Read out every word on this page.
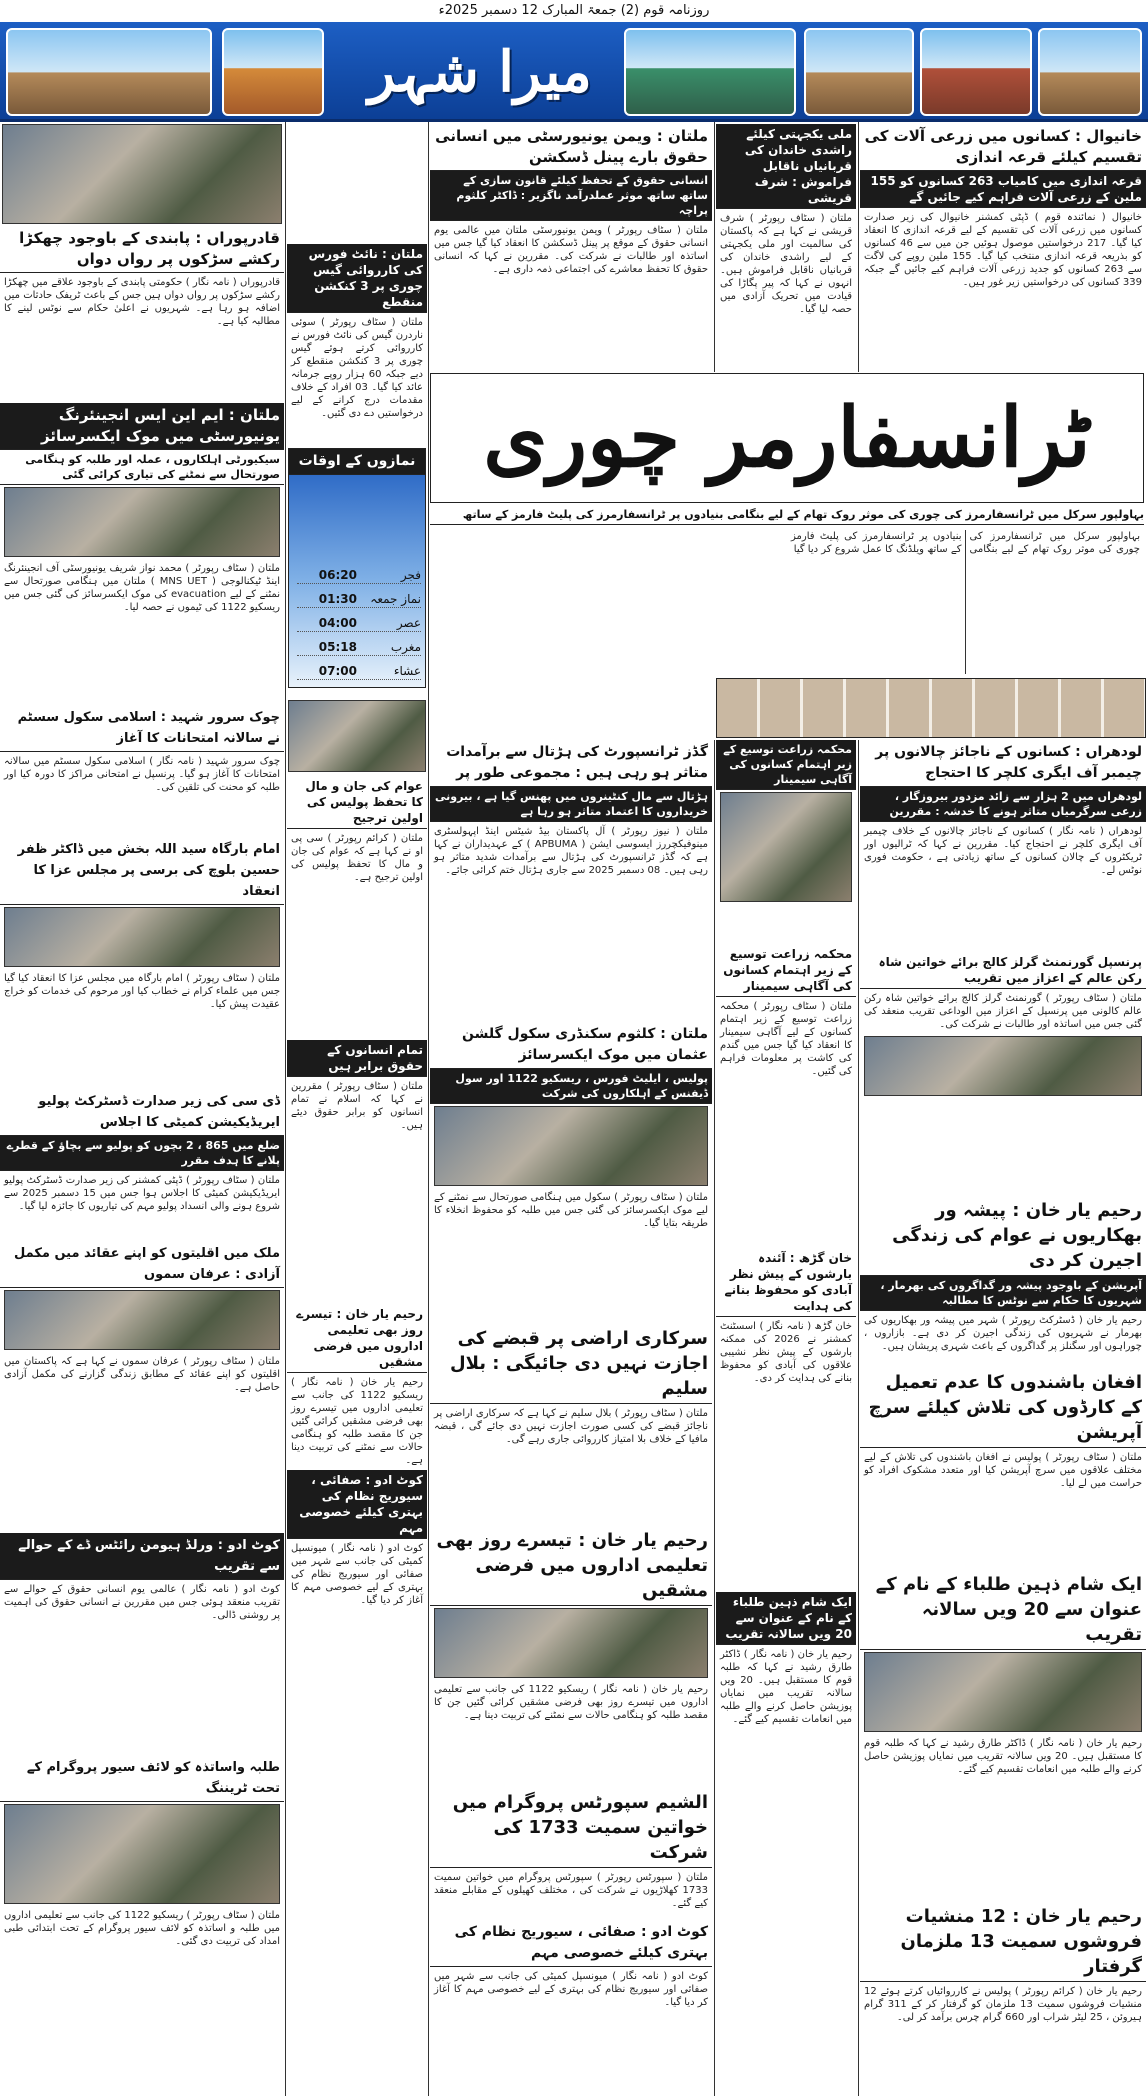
روزنامہ قوم (2) جمعۃ المبارک 12 دسمبر 2025ء
میرا شہر
خانیوال : کسانوں میں زرعی آلات کی تقسیم کیلئے قرعہ اندازی
قرعہ اندازی میں کامیاب 263 کسانوں کو 155 ملین کے زرعی آلات فراہم کیے جائیں گے
خانیوال ( نمائندہ قوم ) ڈپٹی کمشنر خانیوال کی زیر صدارت کسانوں میں زرعی آلات کی تقسیم کے لیے قرعہ اندازی کا انعقاد کیا گیا۔ 217 درخواستیں موصول ہوئیں جن میں سے 46 کسانوں کو بذریعہ قرعہ اندازی منتخب کیا گیا۔ 155 ملین روپے کی لاگت سے 263 کسانوں کو جدید زرعی آلات فراہم کیے جائیں گے جبکہ 339 کسانوں کی درخواستیں زیر غور ہیں۔
ملی یکجہتی کیلئے راشدی خاندان کی قربانیاں ناقابل فراموش : شرف قریشی
ملتان ( سٹاف رپورٹر ) شرف قریشی نے کہا ہے کہ پاکستان کی سالمیت اور ملی یکجہتی کے لیے راشدی خاندان کی قربانیاں ناقابل فراموش ہیں۔ انہوں نے کہا کہ پیر پگاڑا کی قیادت میں تحریک آزادی میں حصہ لیا گیا۔
ملتان : ویمن یونیورسٹی میں انسانی حقوق بارے پینل ڈسکشن
انسانی حقوق کے تحفظ کیلئے قانون سازی کے ساتھ ساتھ موثر عملدرآمد ناگزیر : ڈاکٹر کلثوم پراچہ
ملتان ( سٹاف رپورٹر ) ویمن یونیورسٹی ملتان میں عالمی یوم انسانی حقوق کے موقع پر پینل ڈسکشن کا انعقاد کیا گیا جس میں اساتذہ اور طالبات نے شرکت کی۔ مقررین نے کہا کہ انسانی حقوق کا تحفظ معاشرے کی اجتماعی ذمہ داری ہے۔
ٹرانسفارمر چوری
بہاولپور سرکل میں ٹرانسفارمرز کی چوری کی موثر روک تھام کے لیے بنگامی بنیادوں پر ٹرانسفارمرز کی پلیٹ فارمز کے ساتھ
بہاولپور سرکل میں ٹرانسفارمرز کی چوری کی موثر روک تھام کے لیے بنگامی بنیادوں پر ٹرانسفارمرز کی پلیٹ فارمز کے ساتھ ویلڈنگ کا عمل شروع کر دیا گیا
قادرپوراں : پابندی کے باوجود چھکڑا رکشے سڑکوں پر رواں دواں
قادرپوراں ( نامہ نگار ) حکومتی پابندی کے باوجود علاقے میں چھکڑا رکشے سڑکوں پر رواں دواں ہیں جس کے باعث ٹریفک حادثات میں اضافہ ہو رہا ہے۔ شہریوں نے اعلیٰ حکام سے نوٹس لینے کا مطالبہ کیا ہے۔
ملتان : ایم این ایس انجینئرنگ یونیورسٹی میں موک ایکسرسائز
سیکیورٹی اہلکاروں ، عملہ اور طلبہ کو ہنگامی صورتحال سے نمٹنے کی تیاری کرائی گئی
ملتان ( سٹاف رپورٹر ) محمد نواز شریف یونیورسٹی آف انجینئرنگ اینڈ ٹیکنالوجی ( MNS UET ) ملتان میں ہنگامی صورتحال سے نمٹنے کے لیے evacuation کی موک ایکسرسائز کی گئی جس میں ریسکیو 1122 کی ٹیموں نے حصہ لیا۔
چوک سرور شہید : اسلامی سکول سسٹم نے سالانہ امتحانات کا آغاز
چوک سرور شہید ( نامہ نگار ) اسلامی سکول سسٹم میں سالانہ امتحانات کا آغاز ہو گیا۔ پرنسپل نے امتحانی مراکز کا دورہ کیا اور طلبہ کو محنت کی تلقین کی۔
امام بارگاہ سید اللہ بخش میں ڈاکٹر ظفر حسین بلوچ کی برسی پر مجلس عزا کا انعقاد
ملتان ( سٹاف رپورٹر ) امام بارگاہ میں مجلس عزا کا انعقاد کیا گیا جس میں علماء کرام نے خطاب کیا اور مرحوم کی خدمات کو خراج عقیدت پیش کیا۔
ڈی سی کی زیر صدارت ڈسٹرکٹ پولیو ایریڈیکیشن کمیٹی کا اجلاس
ضلع میں 865 ، 2 بچوں کو پولیو سے بچاؤ کے قطرے پلانے کا ہدف مقرر
ملتان ( سٹاف رپورٹر ) ڈپٹی کمشنر کی زیر صدارت ڈسٹرکٹ پولیو ایریڈیکیشن کمیٹی کا اجلاس ہوا جس میں 15 دسمبر 2025 سے شروع ہونے والی انسداد پولیو مہم کی تیاریوں کا جائزہ لیا گیا۔
ملک میں اقلیتوں کو اپنے عقائد میں مکمل آزادی : عرفان سموں
ملتان ( سٹاف رپورٹر ) عرفان سموں نے کہا ہے کہ پاکستان میں اقلیتوں کو اپنے عقائد کے مطابق زندگی گزارنے کی مکمل آزادی حاصل ہے۔
کوٹ ادو : ورلڈ ہیومن رائٹس ڈے کے حوالے سے تقریب
کوٹ ادو ( نامہ نگار ) عالمی یوم انسانی حقوق کے حوالے سے تقریب منعقد ہوئی جس میں مقررین نے انسانی حقوق کی اہمیت پر روشنی ڈالی۔
طلبہ واساتذہ کو لائف سیور پروگرام کے تحت ٹریننگ
ملتان ( سٹاف رپورٹر ) ریسکیو 1122 کی جانب سے تعلیمی اداروں میں طلبہ و اساتذہ کو لائف سیور پروگرام کے تحت ابتدائی طبی امداد کی تربیت دی گئی۔
ملتان : نائٹ فورس کی کارروائی گیس چوری پر 3 کنکشن منقطع
ملتان ( سٹاف رپورٹر ) سوئی ناردرن گیس کی نائٹ فورس نے کارروائی کرتے ہوئے گیس چوری پر 3 کنکشن منقطع کر دیے جبکہ 60 ہزار روپے جرمانہ عائد کیا گیا۔ 03 افراد کے خلاف مقدمات درج کرانے کے لیے درخواستیں دے دی گئیں۔
نمازوں کے اوقات
فجر
06:20
نماز جمعہ
01:30
عصر
04:00
مغرب
05:18
عشاء
07:00
عوام کی جان و مال کا تحفظ پولیس کی اولین ترجیح
ملتان ( کرائم رپورٹر ) سی پی او نے کہا ہے کہ عوام کی جان و مال کا تحفظ پولیس کی اولین ترجیح ہے۔
تمام انسانوں کے حقوق برابر ہیں
ملتان ( سٹاف رپورٹر ) مقررین نے کہا کہ اسلام نے تمام انسانوں کو برابر حقوق دیئے ہیں۔
رحیم یار خان : تیسرے روز بھی تعلیمی اداروں میں فرضی مشقیں
رحیم یار خان ( نامہ نگار ) ریسکیو 1122 کی جانب سے تعلیمی اداروں میں تیسرے روز بھی فرضی مشقیں کرائی گئیں جن کا مقصد طلبہ کو ہنگامی حالات سے نمٹنے کی تربیت دینا ہے۔
کوٹ ادو : صفائی ، سیوریج نظام کی بہتری کیلئے خصوصی مہم
کوٹ ادو ( نامہ نگار ) میونسپل کمیٹی کی جانب سے شہر میں صفائی اور سیوریج نظام کی بہتری کے لیے خصوصی مہم کا آغاز کر دیا گیا۔
گڈز ٹرانسپورٹ کی ہڑتال سے برآمدات متاثر ہو رہی ہیں : مجموعی طور پر
ہڑتال سے مال کنٹینروں میں پھنس گیا ہے ، بیرونی خریداروں کا اعتماد متاثر ہو رہا ہے
ملتان ( نیوز رپورٹر ) آل پاکستان بیڈ شیٹس اینڈ اپہولسٹری مینوفیکچررز ایسوسی ایشن ( APBUMA ) کے عہدیداران نے کہا ہے کہ گڈز ٹرانسپورٹ کی ہڑتال سے برآمدات شدید متاثر ہو رہی ہیں۔ 08 دسمبر 2025 سے جاری ہڑتال ختم کرائی جائے۔
ملتان : کلثوم سکنڈری سکول گلشن عثمان میں موک ایکسرسائز
پولیس ، ایلیٹ فورس ، ریسکیو 1122 اور سول ڈیفنس کے اہلکاروں کی شرکت
ملتان ( سٹاف رپورٹر ) سکول میں ہنگامی صورتحال سے نمٹنے کے لیے موک ایکسرسائز کی گئی جس میں طلبہ کو محفوظ انخلاء کا طریقہ بتایا گیا۔
سرکاری اراضی پر قبضے کی اجازت نہیں دی جائیگی : بلال سلیم
ملتان ( سٹاف رپورٹر ) بلال سلیم نے کہا ہے کہ سرکاری اراضی پر ناجائز قبضے کی کسی صورت اجازت نہیں دی جائے گی ، قبضہ مافیا کے خلاف بلا امتیاز کارروائی جاری رہے گی۔
رحیم یار خان : تیسرے روز بھی تعلیمی اداروں میں فرضی مشقیں
رحیم یار خان ( نامہ نگار ) ریسکیو 1122 کی جانب سے تعلیمی اداروں میں تیسرے روز بھی فرضی مشقیں کرائی گئیں جن کا مقصد طلبہ کو ہنگامی حالات سے نمٹنے کی تربیت دینا ہے۔
الشیم سپورٹس پروگرام میں خواتین سمیت 1733 کی شرکت
ملتان ( سپورٹس رپورٹر ) سپورٹس پروگرام میں خواتین سمیت 1733 کھلاڑیوں نے شرکت کی ، مختلف کھیلوں کے مقابلے منعقد کیے گئے۔
کوٹ ادو : صفائی ، سیوریج نظام کی بہتری کیلئے خصوصی مہم
کوٹ ادو ( نامہ نگار ) میونسپل کمیٹی کی جانب سے شہر میں صفائی اور سیوریج نظام کی بہتری کے لیے خصوصی مہم کا آغاز کر دیا گیا۔
محکمہ زراعت توسیع کے زیر اہتمام کسانوں کی آگاہی سیمینار
محکمہ زراعت توسیع کے زیر اہتمام کسانوں کی آگاہی سیمینار
ملتان ( سٹاف رپورٹر ) محکمہ زراعت توسیع کے زیر اہتمام کسانوں کے لیے آگاہی سیمینار کا انعقاد کیا گیا جس میں گندم کی کاشت پر معلومات فراہم کی گئیں۔
خان گڑھ : آئندہ بارشوں کے پیش نظر آبادی کو محفوظ بنانے کی ہدایت
خان گڑھ ( نامہ نگار ) اسسٹنٹ کمشنر نے 2026 کی ممکنہ بارشوں کے پیش نظر نشیبی علاقوں کی آبادی کو محفوظ بنانے کی ہدایت کر دی۔
ایک شام ذہین طلباء کے نام کے عنوان سے 20 ویں سالانہ تقریب
رحیم یار خان ( نامہ نگار ) ڈاکٹر طارق رشید نے کہا کہ طلبہ قوم کا مستقبل ہیں۔ 20 ویں سالانہ تقریب میں نمایاں پوزیشن حاصل کرنے والے طلبہ میں انعامات تقسیم کیے گئے۔
لودھراں : کسانوں کے ناجائز چالانوں پر چیمبر آف ایگری کلچر کا احتجاج
لودھراں میں 2 ہزار سے زائد مزدور بیروزگار ، زرعی سرگرمیاں متاثر ہونے کا خدشہ : مقررین
لودھراں ( نامہ نگار ) کسانوں کے ناجائز چالانوں کے خلاف چیمبر آف ایگری کلچر نے احتجاج کیا۔ مقررین نے کہا کہ ٹرالیوں اور ٹریکٹروں کے چالان کسانوں کے ساتھ زیادتی ہے ، حکومت فوری نوٹس لے۔
پرنسپل گورنمنٹ گرلز کالج برائے خواتین شاہ رکن عالم کے اعزاز میں تقریب
ملتان ( سٹاف رپورٹر ) گورنمنٹ گرلز کالج برائے خواتین شاہ رکن عالم کالونی میں پرنسپل کے اعزاز میں الوداعی تقریب منعقد کی گئی جس میں اساتذہ اور طالبات نے شرکت کی۔
رحیم یار خان : پیشہ ور بھکاریوں نے عوام کی زندگی اجیرن کر دی
آپریشن کے باوجود پیشہ ور گداگروں کی بھرمار ، شہریوں کا حکام سے نوٹس کا مطالبہ
رحیم یار خان ( ڈسٹرکٹ رپورٹر ) شہر میں پیشہ ور بھکاریوں کی بھرمار نے شہریوں کی زندگی اجیرن کر دی ہے۔ بازاروں ، چوراہوں اور سگنلز پر گداگروں کے باعث شہری پریشان ہیں۔
افغان باشندوں کا عدم تعمیل کے کارڈوں کی تلاش کیلئے سرچ آپریشن
ملتان ( سٹاف رپورٹر ) پولیس نے افغان باشندوں کی تلاش کے لیے مختلف علاقوں میں سرچ آپریشن کیا اور متعدد مشکوک افراد کو حراست میں لے لیا۔
ایک شام ذہین طلباء کے نام کے عنوان سے 20 ویں سالانہ تقریب
رحیم یار خان ( نامہ نگار ) ڈاکٹر طارق رشید نے کہا کہ طلبہ قوم کا مستقبل ہیں۔ 20 ویں سالانہ تقریب میں نمایاں پوزیشن حاصل کرنے والے طلبہ میں انعامات تقسیم کیے گئے۔
رحیم یار خان : 12 منشیات فروشوں سمیت 13 ملزمان گرفتار
رحیم یار خان ( کرائم رپورٹر ) پولیس نے کارروائیاں کرتے ہوئے 12 منشیات فروشوں سمیت 13 ملزمان کو گرفتار کر کے 311 گرام ہیروئن ، 25 لیٹر شراب اور 660 گرام چرس برآمد کر لی۔
